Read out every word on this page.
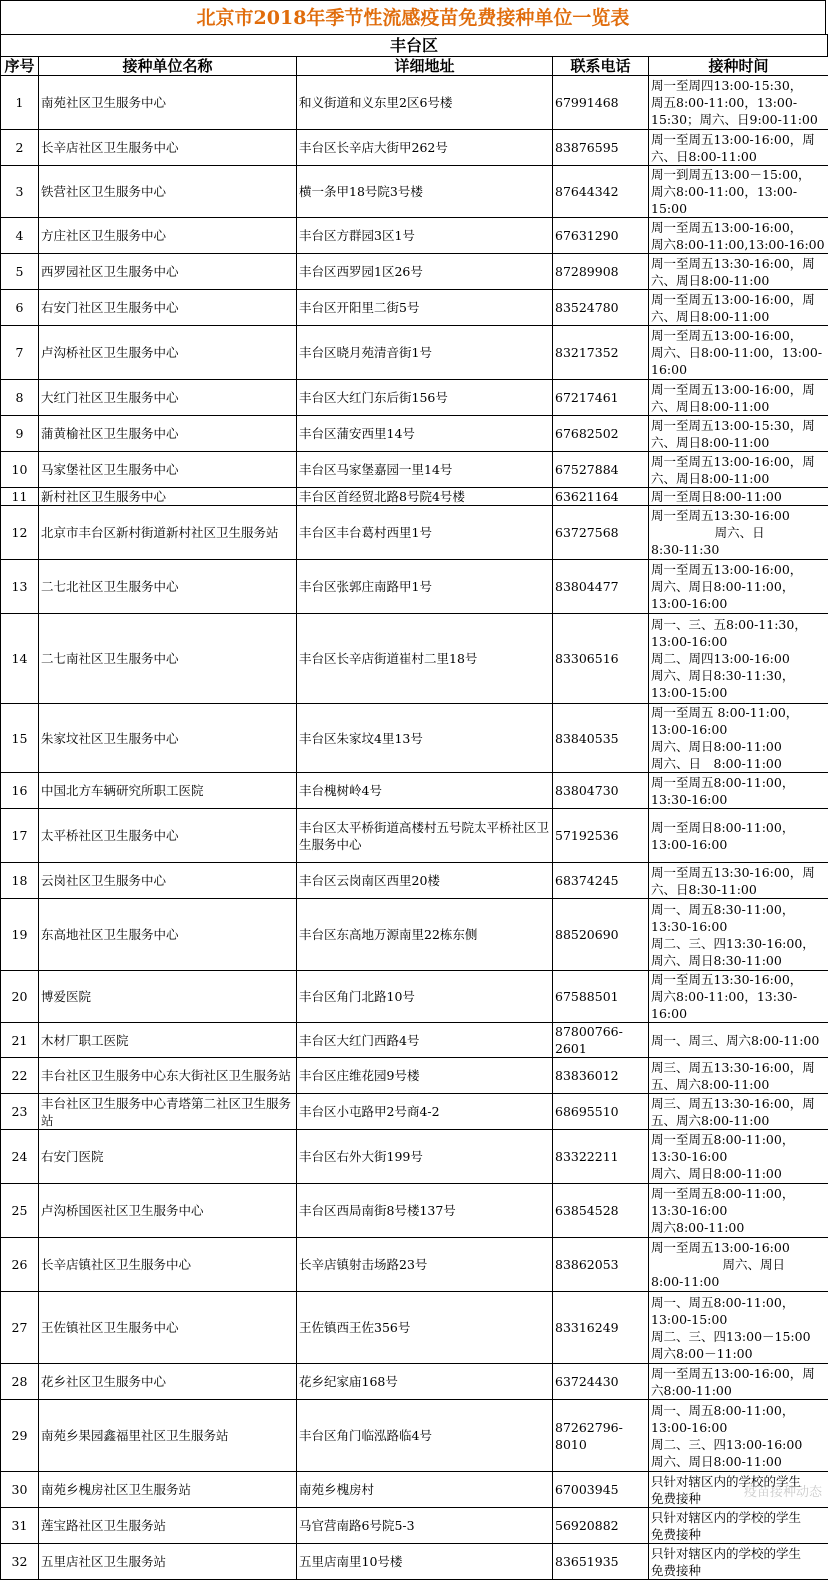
北京市2018年季节性流感疫苗免费接种单位一览表
丰台区
序号	接种单位名称	详细地址	联系电话	接种时间
1	南苑社区卫生服务中心	和义街道和义东里2区6号楼	67991468	周一至周四13:00-15:30，
周五8:00-11:00，13:00-
15:30；周六、日9:00-11:00
2	长辛店社区卫生服务中心	丰台区长辛店大街甲262号	83876595	周一至周五13:00-16:00，周
六、日8:00-11:00
3	铁营社区卫生服务中心	横一条甲18号院3号楼	87644342	周一到周五13:00－15:00，
周六8:00-11:00，13:00-15:00
4	方庄社区卫生服务中心	丰台区方群园3区1号	67631290	周一至周五13:00-16:00，
周六8:00-11:00,13:00-16:00
5	西罗园社区卫生服务中心	丰台区西罗园1区26号	87289908	周一至周五13:30-16:00，周
六、周日8:00-11:00
6	右安门社区卫生服务中心	丰台区开阳里二街5号	83524780	周一至周五13:00-16:00，周
六、周日8:00-11:00
7	卢沟桥社区卫生服务中心	丰台区晓月苑清音街1号	83217352	周一至周五13:00-16:00，
周六、日8:00-11:00，13:00-
16:00
8	大红门社区卫生服务中心	丰台区大红门东后街156号	67217461	周一至周五13:00-16:00，周
六、周日8:00-11:00
9	蒲黄榆社区卫生服务中心	丰台区蒲安西里14号	67682502	周一至周五13:00-15:30，周
六、周日8:00-11:00
10	马家堡社区卫生服务中心	丰台区马家堡嘉园一里14号	67527884	周一至周五13:00-16:00，周
六、周日8:00-11:00
11	新村社区卫生服务中心	丰台区首经贸北路8号院4号楼	63621164	周一至周日8:00-11:00
12	北京市丰台区新村街道新村社区卫生服务站	丰台区丰台葛村西里1号	63727568	周一至周五13:30-16:00
周六、日
8:30-11:30
13	二七北社区卫生服务中心	丰台区张郭庄南路甲1号	83804477	周一至周五13:00-16:00，
周六、周日8:00-11:00，
13:00-16:00
14	二七南社区卫生服务中心	丰台区长辛店街道崔村二里18号	83306516	周一、三、五8:00-11:30，
13:00-16:00
周二、周四13:00-16:00
周六、周日8:30-11:30，
13:00-15:00
15	朱家坟社区卫生服务中心	丰台区朱家坟4里13号	83840535	周一至周五 8:00-11:00，
13:00-16:00
周六、周日8:00-11:00
周六、日　8:00-11:00
16	中国北方车辆研究所职工医院	丰台槐树岭4号	83804730	周一至周五8:00-11:00，
13:30-16:00
17	太平桥社区卫生服务中心	丰台区太平桥街道高楼村五号院太平桥社区卫生服务中心	57192536	周一至周日8:00-11:00，
13:00-16:00
18	云岗社区卫生服务中心	丰台区云岗南区西里20楼	68374245	周一至周五13:30-16:00，周
六、日8:30-11:00
19	东高地社区卫生服务中心	丰台区东高地万源南里22栋东侧	88520690	周一、周五8:30-11:00，
13:30-16:00
周二、三、四13:30-16:00，
周六、周日8:30-11:00
20	博爱医院	丰台区角门北路10号	67588501	周一至周五13:30-16:00，
周六8:00-11:00，13:30-16:00
21	木材厂职工医院	丰台区大红门西路4号	87800766-2601	周一、周三、周六8:00-11:00
22	丰台社区卫生服务中心东大街社区卫生服务站	丰台区庄维花园9号楼	83836012	周三、周五13:30-16:00，周
五、周六8:00-11:00
23	丰台社区卫生服务中心青塔第二社区卫生服务站	丰台区小屯路甲2号商4-2	68695510	周三、周五13:30-16:00，周
五、周六8:00-11:00
24	右安门医院	丰台区右外大街199号	83322211	周一至周五8:00-11:00，
13:30-16:00
周六、周日8:00-11:00
25	卢沟桥国医社区卫生服务中心	丰台区西局南街8号楼137号	63854528	周一至周五8:00-11:00，
13:30-16:00
周六8:00-11:00
26	长辛店镇社区卫生服务中心	长辛店镇射击场路23号	83862053	周一至周五13:00-16:00
周六、周日
8:00-11:00
27	王佐镇社区卫生服务中心	王佐镇西王佐356号	83316249	周一、周五8:00-11:00，
13:00-15:00
周二、三、四13:00－15:00
周六8:00－11:00
28	花乡社区卫生服务中心	花乡纪家庙168号	63724430	周一至周五13:00-16:00，周
六8:00-11:00
29	南苑乡果园鑫福里社区卫生服务站	丰台区角门临泓路临4号	87262796-8010	周一、周五8:00-11:00，
13:00-16:00
周二、三、四13:00-16:00
周六、周日8:00-11:00
30	南苑乡槐房社区卫生服务站	南苑乡槐房村	67003945	只针对辖区内的学校的学生
免费接种
31	莲宝路社区卫生服务站	马官营南路6号院5-3	56920882	只针对辖区内的学校的学生
免费接种
32	五里店社区卫生服务站	五里店南里10号楼	83651935	只针对辖区内的学校的学生
免费接种
疫苗接种动态
